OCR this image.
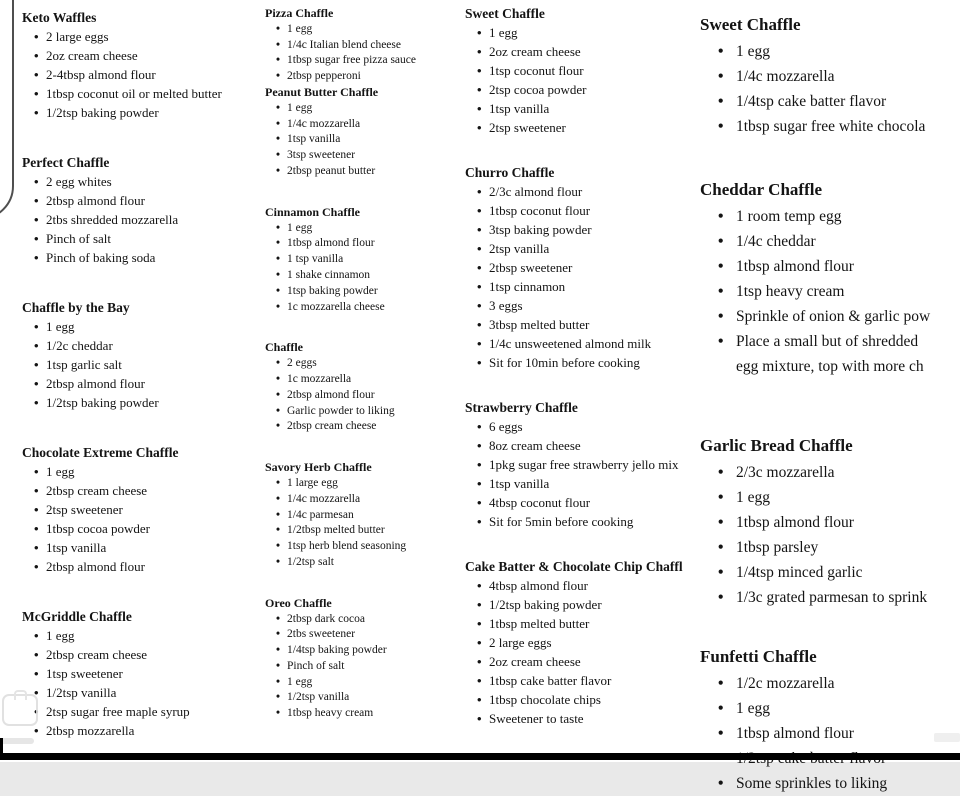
Keto Waffles
• 2 large eggs
• 2oz cream cheese
• 2-4tbsp almond flour
• 1tbsp coconut oil or melted butter
• 1/2tsp baking powder
Perfect Chaffle
• 2 egg whites
• 2tbsp almond flour
• 2tbs shredded mozzarella
• Pinch of salt
• Pinch of baking soda
Chaffle by the Bay
• 1 egg
• 1/2c cheddar
• 1tsp garlic salt
• 2tbsp almond flour
• 1/2tsp baking powder
Chocolate Extreme Chaffle
• 1 egg
• 2tbsp cream cheese
• 2tsp sweetener
• 1tbsp cocoa powder
• 1tsp vanilla
• 2tbsp almond flour
McGriddle Chaffle
• 1 egg
• 2tbsp cream cheese
• 1tsp sweetener
• 1/2tsp vanilla
• 2tsp sugar free maple syrup
• 2tbsp mozzarella
Pizza Chaffle
• 1 egg
• 1/4c Italian blend cheese
• 1tbsp sugar free pizza sauce
• 2tbsp pepperoni
Peanut Butter Chaffle
• 1 egg
• 1/4c mozzarella
• 1tsp vanilla
• 3tsp sweetener
• 2tbsp peanut butter
Cinnamon Chaffle
• 1 egg
• 1tbsp almond flour
• 1 tsp vanilla
• 1 shake cinnamon
• 1tsp baking powder
• 1c mozzarella cheese
Chaffle
• 2 eggs
• 1c mozzarella
• 2tbsp almond flour
• Garlic powder to liking
• 2tbsp cream cheese
Savory Herb Chaffle
• 1 large egg
• 1/4c mozzarella
• 1/4c parmesan
• 1/2tbsp melted butter
• 1tsp herb blend seasoning
• 1/2tsp salt
Oreo Chaffle
• 2tbsp dark cocoa
• 2tbs sweetener
• 1/4tsp baking powder
• Pinch of salt
• 1 egg
• 1/2tsp vanilla
• 1tbsp heavy cream
Sweet Chaffle
• 1 egg
• 2oz cream cheese
• 1tsp coconut flour
• 2tsp cocoa powder
• 1tsp vanilla
• 2tsp sweetener
Churro Chaffle
• 2/3c almond flour
• 1tbsp coconut flour
• 3tsp baking powder
• 2tsp vanilla
• 2tbsp sweetener
• 1tsp cinnamon
• 3 eggs
• 3tbsp melted butter
• 1/4c unsweetened almond milk
• Sit for 10min before cooking
Strawberry Chaffle
• 6 eggs
• 8oz cream cheese
• 1pkg sugar free strawberry jello mix
• 1tsp vanilla
• 4tbsp coconut flour
• Sit for 5min before cooking
Cake Batter & Chocolate Chip Chaffl
• 4tbsp almond flour
• 1/2tsp baking powder
• 1tbsp melted butter
• 2 large eggs
• 2oz cream cheese
• 1tbsp cake batter flavor
• 1tbsp chocolate chips
• Sweetener to taste
Sweet Chaffle
• 1 egg
• 1/4c mozzarella
• 1/4tsp cake batter flavor
• 1tbsp sugar free white chocola
Cheddar Chaffle
• 1 room temp egg
• 1/4c cheddar
• 1tbsp almond flour
• 1tsp heavy cream
• Sprinkle of onion & garlic pow
• Place a small but of shredded
egg mixture, top with more ch
Garlic Bread Chaffle
• 2/3c mozzarella
• 1 egg
• 1tbsp almond flour
• 1tbsp parsley
• 1/4tsp minced garlic
• 1/3c grated parmesan to sprink
Funfetti Chaffle
• 1/2c mozzarella
• 1 egg
• 1tbsp almond flour
•
• Some sprinkles to liking
